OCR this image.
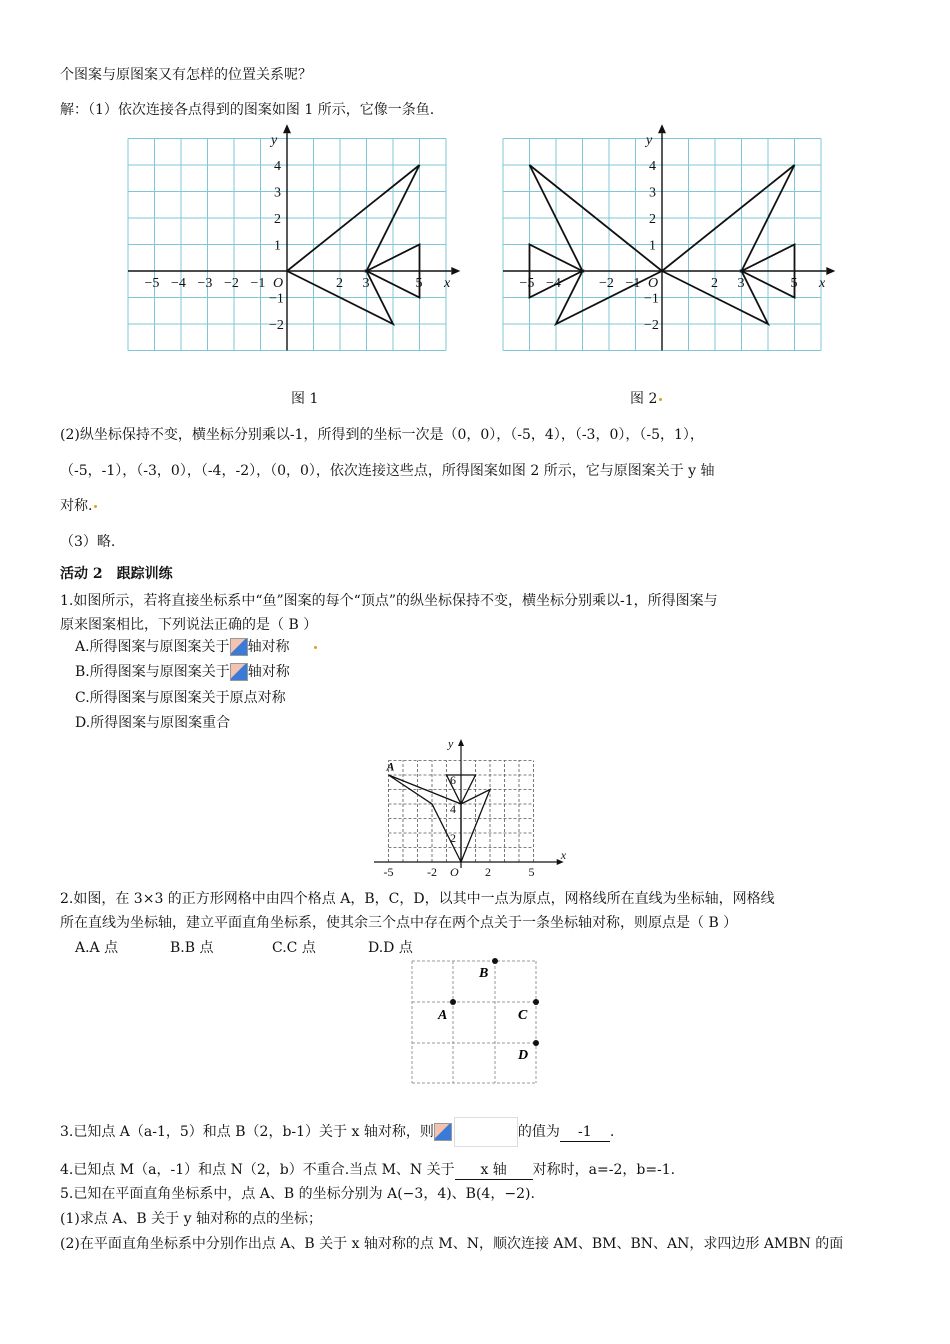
个图案与原图案又有怎样的位置关系呢？
解：（1）依次连接各点得到的图案如图 1 所示，它像一条鱼.
−5 −4 −3 −2 −1	2 3	5
4
3
2
1
−1
−2
O	x
y
图 1
−5 −4	−2 −1	2 3	5
4
3
2
1
−1
−2
O	x
y
图 2
(2)纵坐标保持不变，横坐标分别乘以-1，所得到的坐标一次是（0，0），（-5，4），（-3，0），（-5，1），
（-5，-1），（-3，0），（-4，-2），（0，0），依次连接这些点，所得图案如图 2 所示，它与原图案关于 y 轴
对称.
（3）略.
活动 2　跟踪训练
1.如图所示，若将直接坐标系中“鱼”图案的每个“顶点”的纵坐标保持不变，横坐标分别乘以-1，所得图案与
原来图案相比，下列说法正确的是（ B ）
A.所得图案与原图案关于 轴对称
B.所得图案与原图案关于 轴对称
C.所得图案与原图案关于原点对称
D.所得图案与原图案重合
-5	-2	2	5
6
4
2
O
x
y
A
2.如图，在 3×3 的正方形网格中由四个格点 A，B，C，D，以其中一点为原点，网格线所在直线为坐标轴，网格线
所在直线为坐标轴，建立平面直角坐标系，使其余三个点中存在两个点关于一条坐标轴对称，则原点是（ B ）
A.A 点	B.B 点	C.C 点	D.D 点
B
A	C
D
3.已知点 A（a-1，5）和点 B（2，b-1）关于 x 轴对称，则	的值为 -1 .
4.已知点 M（a，-1）和点 N（2，b）不重合.当点 M、N 关于 x 轴 对称时，a=-2，b=-1.
5.已知在平面直角坐标系中，点 A、B 的坐标分别为 A(−3，4)、B(4，−2).
(1)求点 A、B 关于 y 轴对称的点的坐标；
(2)在平面直角坐标系中分别作出点 A、B 关于 x 轴对称的点 M、N，顺次连接 AM、BM、BN、AN，求四边形 AMBN 的面
